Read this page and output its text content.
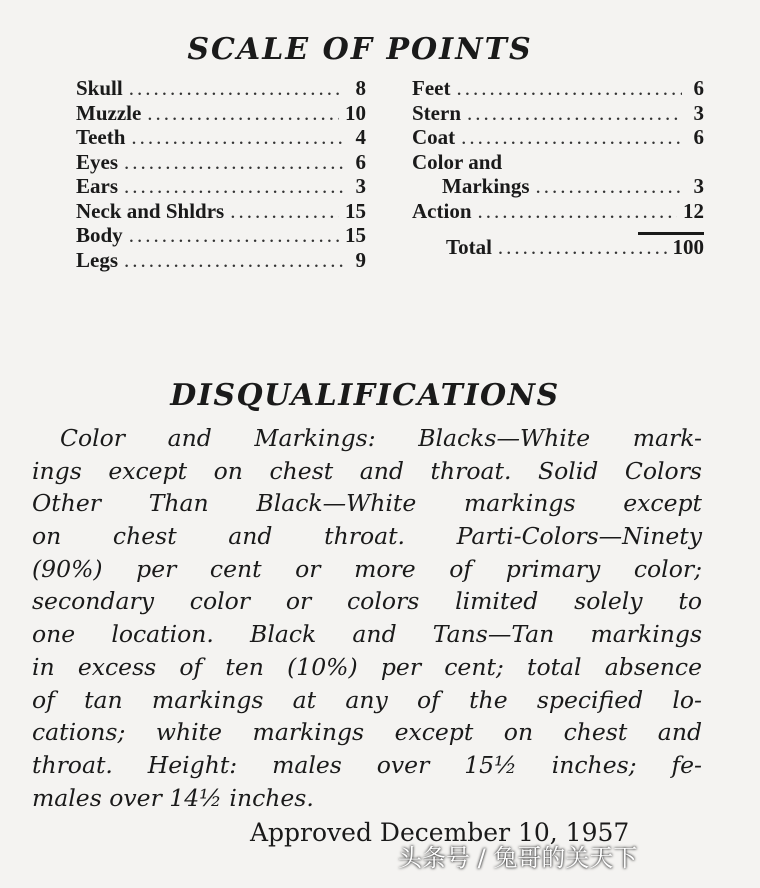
SCALE OF POINTS
Skull .....	8
Muzzle .....	10
Teeth .....	4
Eyes .....	6
Ears .....	3
Neck and Shldrs .....	15
Body .....	15
Legs .....	9
Feet .....	6
Stern .....	3
Coat .....	6
Color and
Markings .....	3
Action .....	12
Total .....	100
DISQUALIFICATIONS
Color and Markings: Blacks—White mark-
ings except on chest and throat. Solid Colors
Other Than Black—White markings except
on chest and throat. Parti-Colors—Ninety
(90%) per cent or more of primary color;
secondary color or colors limited solely to
one location. Black and Tans—Tan markings
in excess of ten (10%) per cent; total absence
of tan markings at any of the specified lo-
cations; white markings except on chest and
throat. Height: males over 15½ inches; fe-
males over 14½ inches.
Approved December 10, 1957
头条号 / 兔哥的关天下
